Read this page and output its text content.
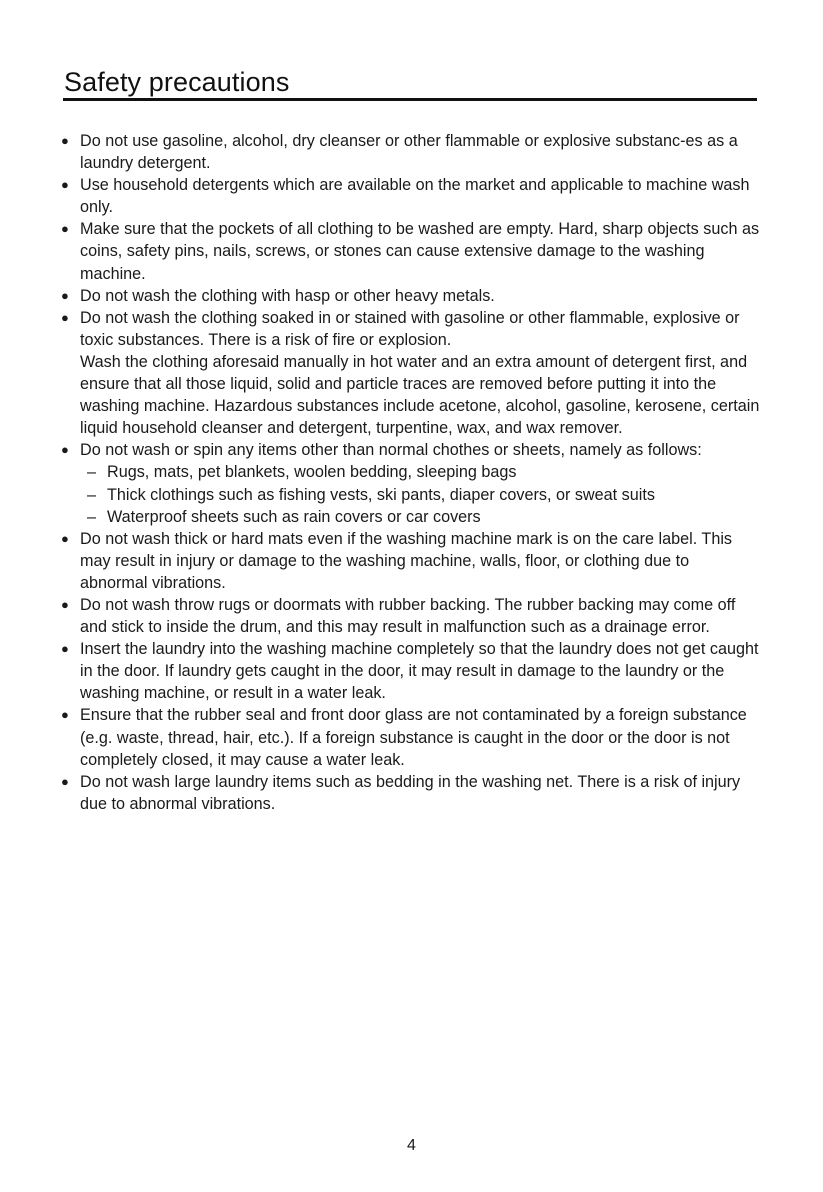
Safety precautions
● Do not use gasoline, alcohol, dry cleanser or other flammable or explosive substanc-es as a laundry detergent.

● Use household detergents which are available on the market and applicable to machine wash only.

● Make sure that the pockets of all clothing to be washed are empty. Hard, sharp objects such as coins, safety pins, nails, screws, or stones can cause extensive damage to the washing machine.

● Do not wash the clothing with hasp or other heavy metals.

● Do not wash the clothing soaked in or stained with gasoline or other flammable, explosive or toxic substances. There is a risk of fire or explosion.

Wash the clothing aforesaid manually in hot water and an extra amount of detergent first, and ensure that all those liquid, solid and particle traces are removed before putting it into the washing machine. Hazardous substances include acetone, alcohol, gasoline, kerosene, certain liquid household cleanser and detergent, turpentine, wax, and wax remover.

● Do not wash or spin any items other than normal chothes or sheets, namely as follows:

– Rugs, mats, pet blankets, woolen bedding, sleeping bags
– Thick clothings such as fishing vests, ski pants, diaper covers, or sweat suits
– Waterproof sheets such as rain covers or car covers
● Do not wash thick or hard mats even if the washing machine mark is on the care label. This may result in injury or damage to the washing machine, walls, floor, or clothing due to abnormal vibrations.

● Do not wash throw rugs or doormats with rubber backing. The rubber backing may come off and stick to inside the drum, and this may result in malfunction such as a drainage error.

● Insert the laundry into the washing machine completely so that the laundry does not get caught in the door. If laundry gets caught in the door, it may result in damage to the laundry or the washing machine, or result in a water leak.

● Ensure that the rubber seal and front door glass are not contaminated by a foreign substance (e.g. waste, thread, hair, etc.). If a foreign substance is caught in the door or the door is not completely closed, it may cause a water leak.

● Do not wash large laundry items such as bedding in the washing net. There is a risk of injury due to abnormal vibrations.

4
